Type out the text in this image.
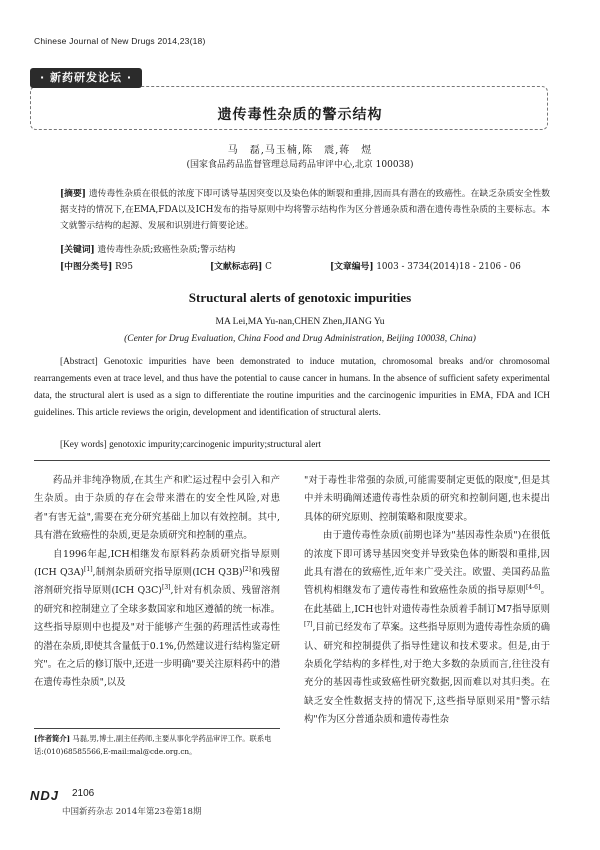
Chinese Journal of New Drugs 2014,23(18)
· 新药研发论坛 ·
遗传毒性杂质的警示结构
马　磊,马玉楠,陈　震,蒋　煜
(国家食品药品监督管理总局药品审评中心,北京 100038)
[摘要] 遗传毒性杂质在很低的浓度下即可诱导基因突变以及染色体的断裂和重排,因而具有潜在的致癌性。在缺乏杂质安全性数据支持的情况下,在EMA,FDA以及ICH发布的指导原则中均将警示结构作为区分普通杂质和潜在遗传毒性杂质的主要标志。本文就警示结构的起源、发展和识别进行简要论述。
[关键词] 遗传毒性杂质;致癌性杂质;警示结构
[中图分类号] R95	[文献标志码] C	[文章编号] 1003 - 3734(2014)18 - 2106 - 06
Structural alerts of genotoxic impurities
MA Lei,MA Yu-nan,CHEN Zhen,JIANG Yu
(Center for Drug Evaluation, China Food and Drug Administration, Beijing 100038, China)
[Abstract] Genotoxic impurities have been demonstrated to induce mutation, chromosomal breaks and/or chromosomal rearrangements even at trace level, and thus have the potential to cause cancer in humans. In the absence of sufficient safety experimental data, the structural alert is used as a sign to differentiate the routine impurities and the carcinogenic impurities in EMA, FDA and ICH guidelines. This article reviews the origin, development and identification of structural alerts.
[Key words] genotoxic impurity;carcinogenic impurity;structural alert

药品并非纯净物质,在其生产和贮运过程中会引入和产生杂质。由于杂质的存在会带来潜在的安全性风险,对患者"有害无益",需要在充分研究基础上加以有效控制。其中,具有潜在致癌性的杂质,更是杂质研究和控制的重点。

自1996年起,ICH相继发布原料药杂质研究指导原则(ICH Q3A)[1],制剂杂质研究指导原则(ICH Q3B)[2]和残留溶剂研究指导原则(ICH Q3C)[3],针对有机杂质、残留溶剂的研究和控制建立了全球多数国家和地区遵循的统一标准。这些指导原则中也提及"对于能够产生强的药理活性或毒性的潜在杂质,即使其含量低于0.1%,仍然建议进行结构鉴定研究"。在之后的修订版中,还进一步明确"要关注原料药中的潜在遗传毒性杂质",以及

"对于毒性非常强的杂质,可能需要制定更低的限度",但是其中并未明确阐述遗传毒性杂质的研究和控制问题,也未提出具体的研究原则、控制策略和限度要求。

由于遗传毒性杂质(前期也译为"基因毒性杂质")在很低的浓度下即可诱导基因突变并导致染色体的断裂和重排,因此具有潜在的致癌性,近年来广受关注。欧盟、美国药品监管机构相继发布了遗传毒性和致癌性杂质的指导原则[4-6]。在此基础上,ICH也针对遗传毒性杂质着手制订M7指导原则[7],目前已经发布了草案。这些指导原则为遗传毒性杂质的确认、研究和控制提供了指导性建议和技术要求。但是,由于杂质化学结构的多样性,对于绝大多数的杂质而言,往往没有充分的基因毒性或致癌性研究数据,因而难以对其归类。在缺乏安全性数据支持的情况下,这些指导原则采用"警示结构"作为区分普通杂质和遗传毒性杂

[作者简介] 马磊,男,博士,副主任药师,主要从事化学药品审评工作。联系电话:(010)68585566,E-mail:mal@cde.org.cn。
NDJ 2106
中国新药杂志 2014年第23卷第18期
